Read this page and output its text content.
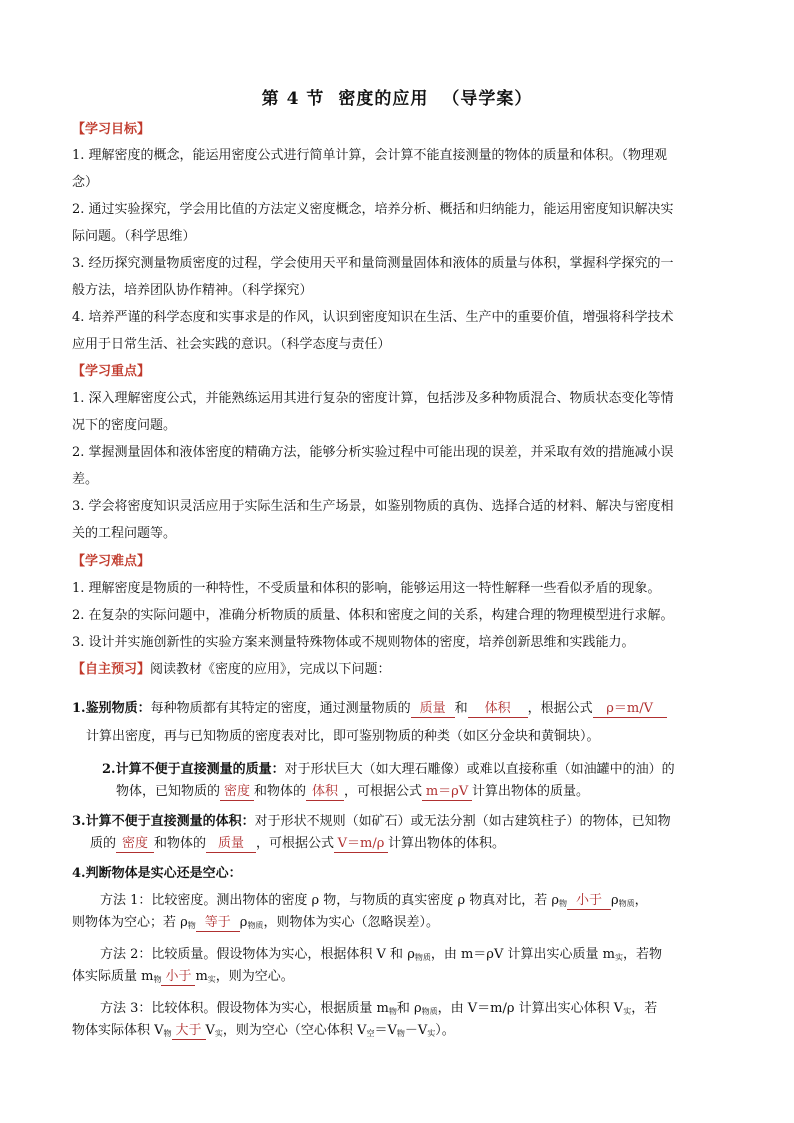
第 4 节 密度的应用 （导学案）
【学习目标】
1. 理解密度的概念，能运用密度公式进行简单计算，会计算不能直接测量的物体的质量和体积。（物理观
念）
2. 通过实验探究，学会用比值的方法定义密度概念，培养分析、概括和归纳能力，能运用密度知识解决实
际问题。（科学思维）
3. 经历探究测量物质密度的过程，学会使用天平和量筒测量固体和液体的质量与体积，掌握科学探究的一
般方法，培养团队协作精神。（科学探究）
4. 培养严谨的科学态度和实事求是的作风，认识到密度知识在生活、生产中的重要价值，增强将科学技术
应用于日常生活、社会实践的意识。（科学态度与责任）
【学习重点】
1. 深入理解密度公式，并能熟练运用其进行复杂的密度计算，包括涉及多种物质混合、物质状态变化等情
况下的密度问题。
2. 掌握测量固体和液体密度的精确方法，能够分析实验过程中可能出现的误差，并采取有效的措施减小误
差。
3. 学会将密度知识灵活应用于实际生活和生产场景，如鉴别物质的真伪、选择合适的材料、解决与密度相
关的工程问题等。
【学习难点】
1. 理解密度是物质的一种特性，不受质量和体积的影响，能够运用这一特性解释一些看似矛盾的现象。
2. 在复杂的实际问题中，准确分析物质的质量、体积和密度之间的关系，构建合理的物理模型进行求解。
3. 设计并实施创新性的实验方案来测量特殊物体或不规则物体的密度，培养创新思维和实践能力。
【自主预习】阅读教材《密度的应用》，完成以下问题：
1.鉴别物质：每种物质都有其特定的密度，通过测量物质的 质量 和 体积 ，根据公式 ρ＝m/V
计算出密度，再与已知物质的密度表对比，即可鉴别物质的种类（如区分金块和黄铜块）。
2.计算不便于直接测量的质量：对于形状巨大（如大理石雕像）或难以直接称重（如油罐中的油）的
物体，已知物质的 密度 和物体的 体积 ，可根据公式 m＝ρV 计算出物体的质量。
3.计算不便于直接测量的体积：对于形状不规则（如矿石）或无法分割（如古建筑柱子）的物体，已知物
质的 密度 和物体的 质量 ，可根据公式 V＝m/ρ 计算出物体的体积。
4.判断物体是实心还是空心：
方法 1：比较密度。测出物体的密度 ρ 物，与物质的真实密度 ρ 物真对比，若 $\rho_物$ 小于 $\rho_{物质}$，
则物体为空心；若 $\rho_物$ 等于 $\rho_{物质}$，则物体为实心（忽略误差）。
方法 2：比较质量。假设物体为实心，根据体积 V 和 $\rho_{物质}$，由 m＝ρV 计算出实心质量 $m_实$，若物
体实际质量 $m_物$ 小于 $m_实$，则为空心。
方法 3：比较体积。假设物体为实心，根据质量 $m_物$和 $\rho_{物质}$，由 V＝m/ρ 计算出实心体积 $V_实$，若
物体实际体积 $V_物$ 大于 $V_实$，则为空心（空心体积 $V_空=V_物-V_实$）。
